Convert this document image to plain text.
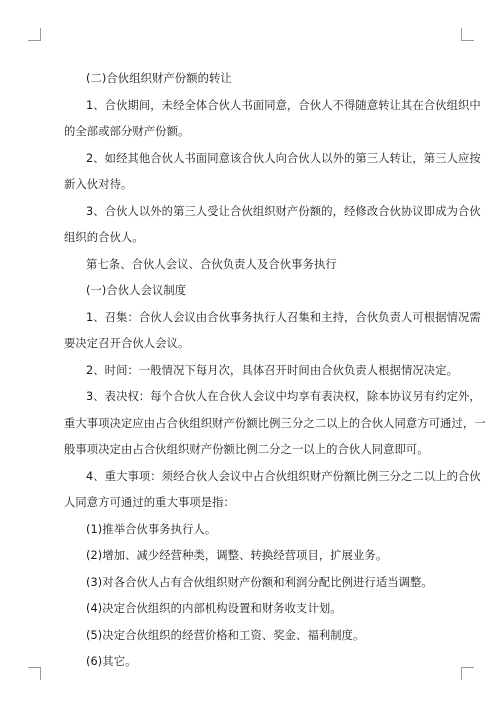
(二)合伙组织财产份额的转让
1、合伙期间，未经全体合伙人书面同意，合伙人不得随意转让其在合伙组织中
的全部或部分财产份额。
2、如经其他合伙人书面同意该合伙人向合伙人以外的第三人转让，第三人应按
新入伙对待。
3、合伙人以外的第三人受让合伙组织财产份额的，经修改合伙协议即成为合伙
组织的合伙人。
第七条、合伙人会议、合伙负责人及合伙事务执行
(一)合伙人会议制度
1、召集：合伙人会议由合伙事务执行人召集和主持，合伙负责人可根据情况需
要决定召开合伙人会议。
2、时间：一般情况下每月次，具体召开时间由合伙负责人根据情况决定。
3、表决权：每个合伙人在合伙人会议中均享有表决权，除本协议另有约定外，
重大事项决定应由占合伙组织财产份额比例三分之二以上的合伙人同意方可通过，一
般事项决定由占合伙组织财产份额比例二分之一以上的合伙人同意即可。
4、重大事项：须经合伙人会议中占合伙组织财产份额比例三分之二以上的合伙
人同意方可通过的重大事项是指：
(1)推举合伙事务执行人。
(2)增加、减少经营种类，调整、转换经营项目，扩展业务。
(3)对各合伙人占有合伙组织财产份额和利润分配比例进行适当调整。
(4)决定合伙组织的内部机构设置和财务收支计划。
(5)决定合伙组织的经营价格和工资、奖金、福利制度。
(6)其它。
